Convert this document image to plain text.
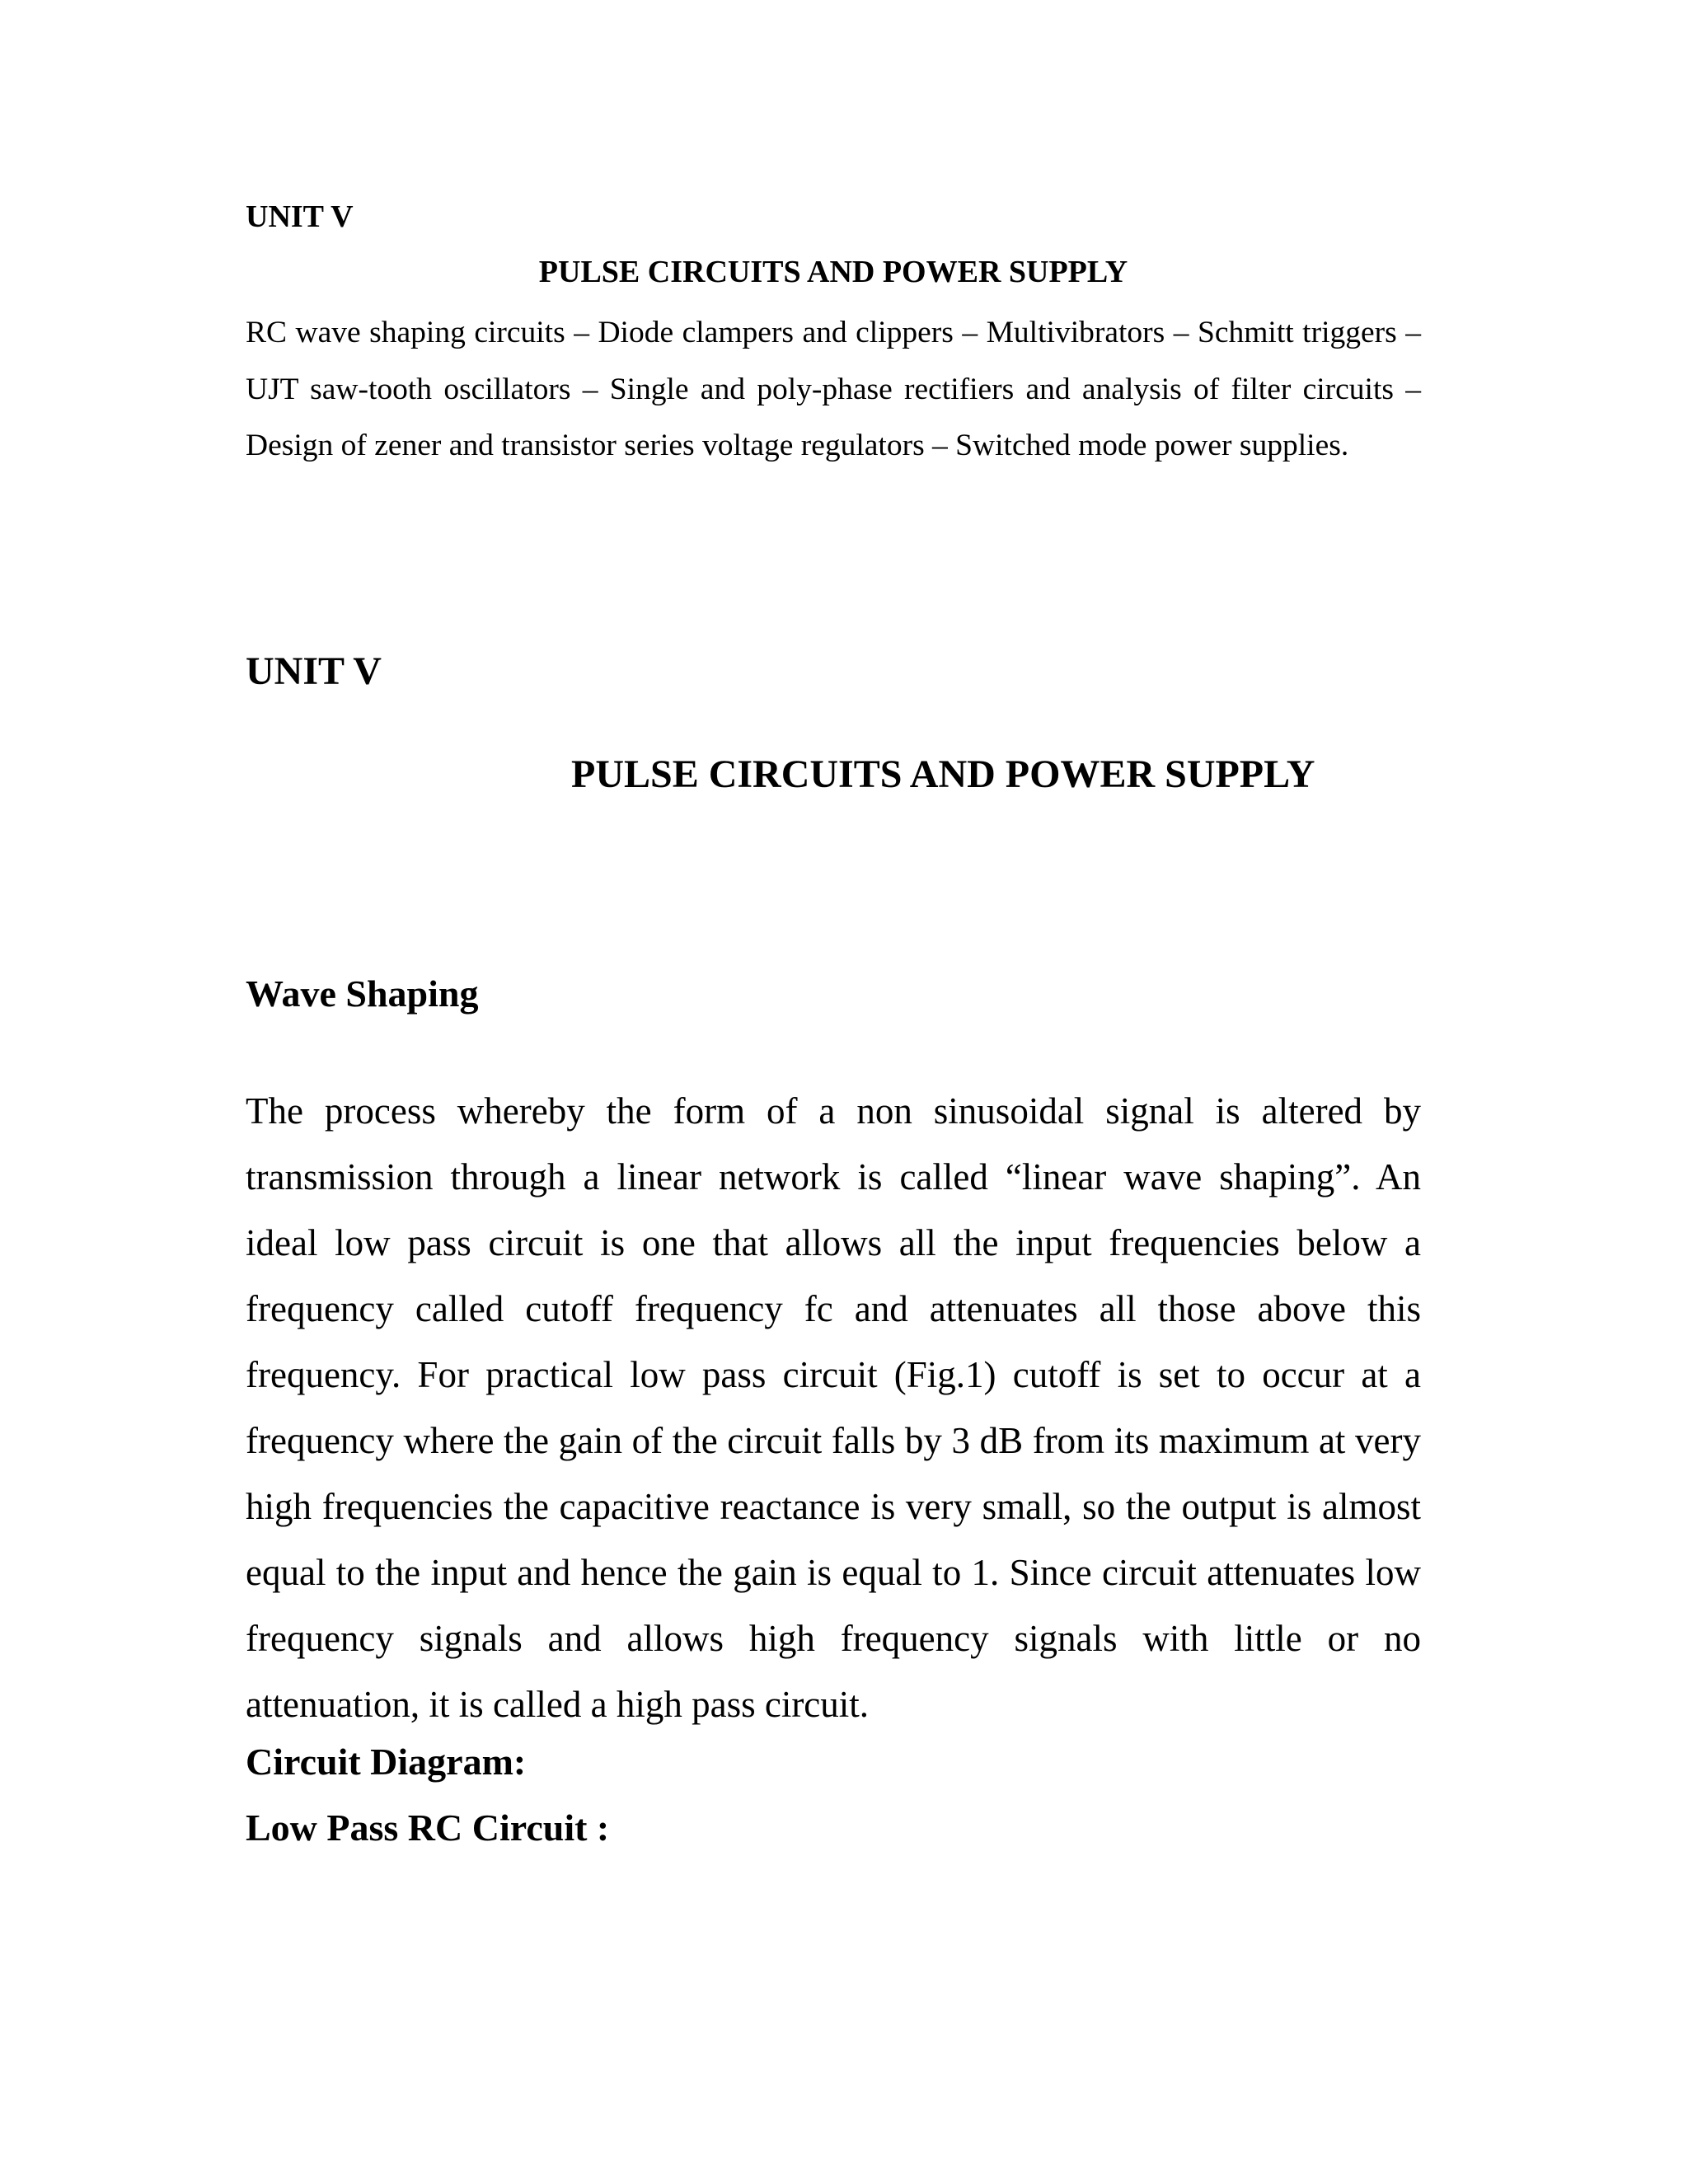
UNIT V
PULSE CIRCUITS AND POWER SUPPLY

RC wave shaping circuits – Diode clampers and clippers – Multivibrators – Schmitt triggers – UJT saw-tooth oscillators – Single and poly-phase rectifiers and analysis of filter circuits – Design of zener and transistor series voltage regulators – Switched mode power supplies.

UNIT V
PULSE CIRCUITS AND POWER SUPPLY
Wave Shaping

The process whereby the form of a non sinusoidal signal is altered by transmission through a linear network is called “linear wave shaping”. An ideal low pass circuit is one that allows all the input frequencies below a frequency called cutoff frequency fc and attenuates all those above this frequency. For practical low pass circuit (Fig.1) cutoff is set to occur at a frequency where the gain of the circuit falls by 3 dB from its maximum at very high frequencies the capacitive reactance is very small, so the output is almost equal to the input and hence the gain is equal to 1. Since circuit attenuates low frequency signals and allows high frequency signals with little or no attenuation, it is called a high pass circuit.

Circuit Diagram:
Low Pass RC Circuit :
